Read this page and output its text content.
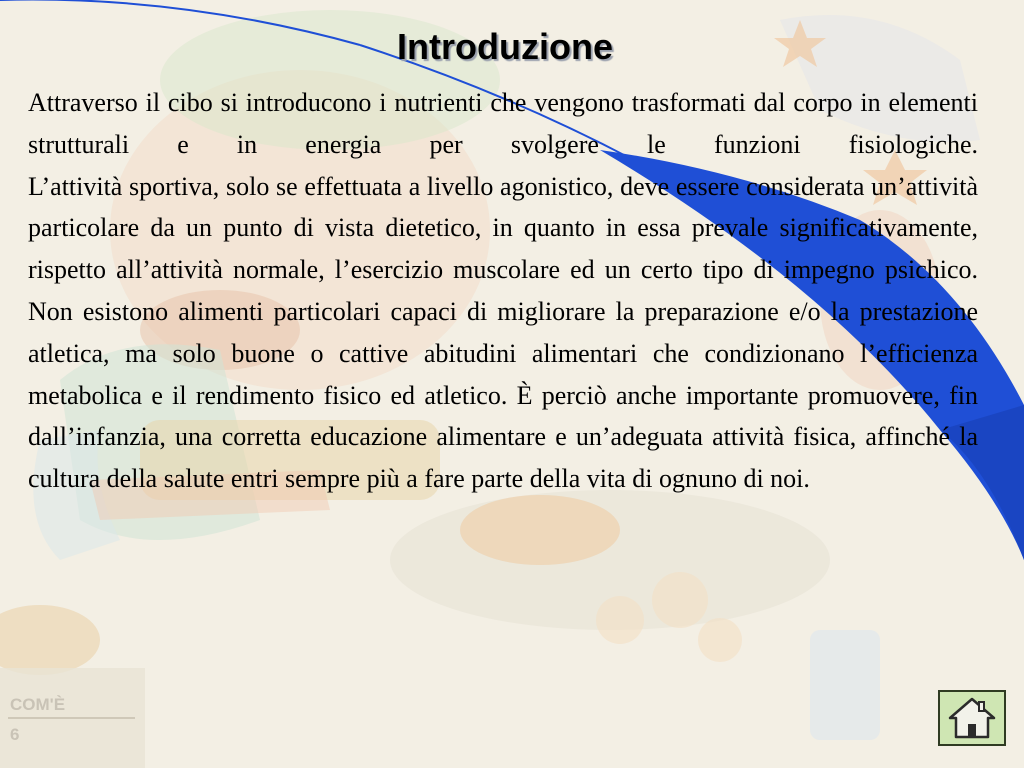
Introduzione

Attraverso il cibo si introducono i nutrienti che vengono trasformati dal corpo in elementi strutturali e in energia per svolgere le funzioni fisiologiche.

L’attività sportiva, solo se effettuata a livello agonistico, deve essere considerata un’attività particolare da un punto di vista dietetico, in quanto in essa prevale significativamente, rispetto all’attività normale, l’esercizio muscolare ed un certo tipo di impegno psichico. Non esistono alimenti particolari capaci di migliorare la preparazione e/o la prestazione atletica, ma solo buone o cattive abitudini alimentari che condizionano l’efficienza metabolica e il rendimento fisico ed atletico. È perciò anche importante promuovere, fin dall’infanzia, una corretta educazione alimentare e un’adeguata attività fisica, affinché la cultura della salute entri sempre più a fare parte della vita di ognuno di noi.

COM'È
6
